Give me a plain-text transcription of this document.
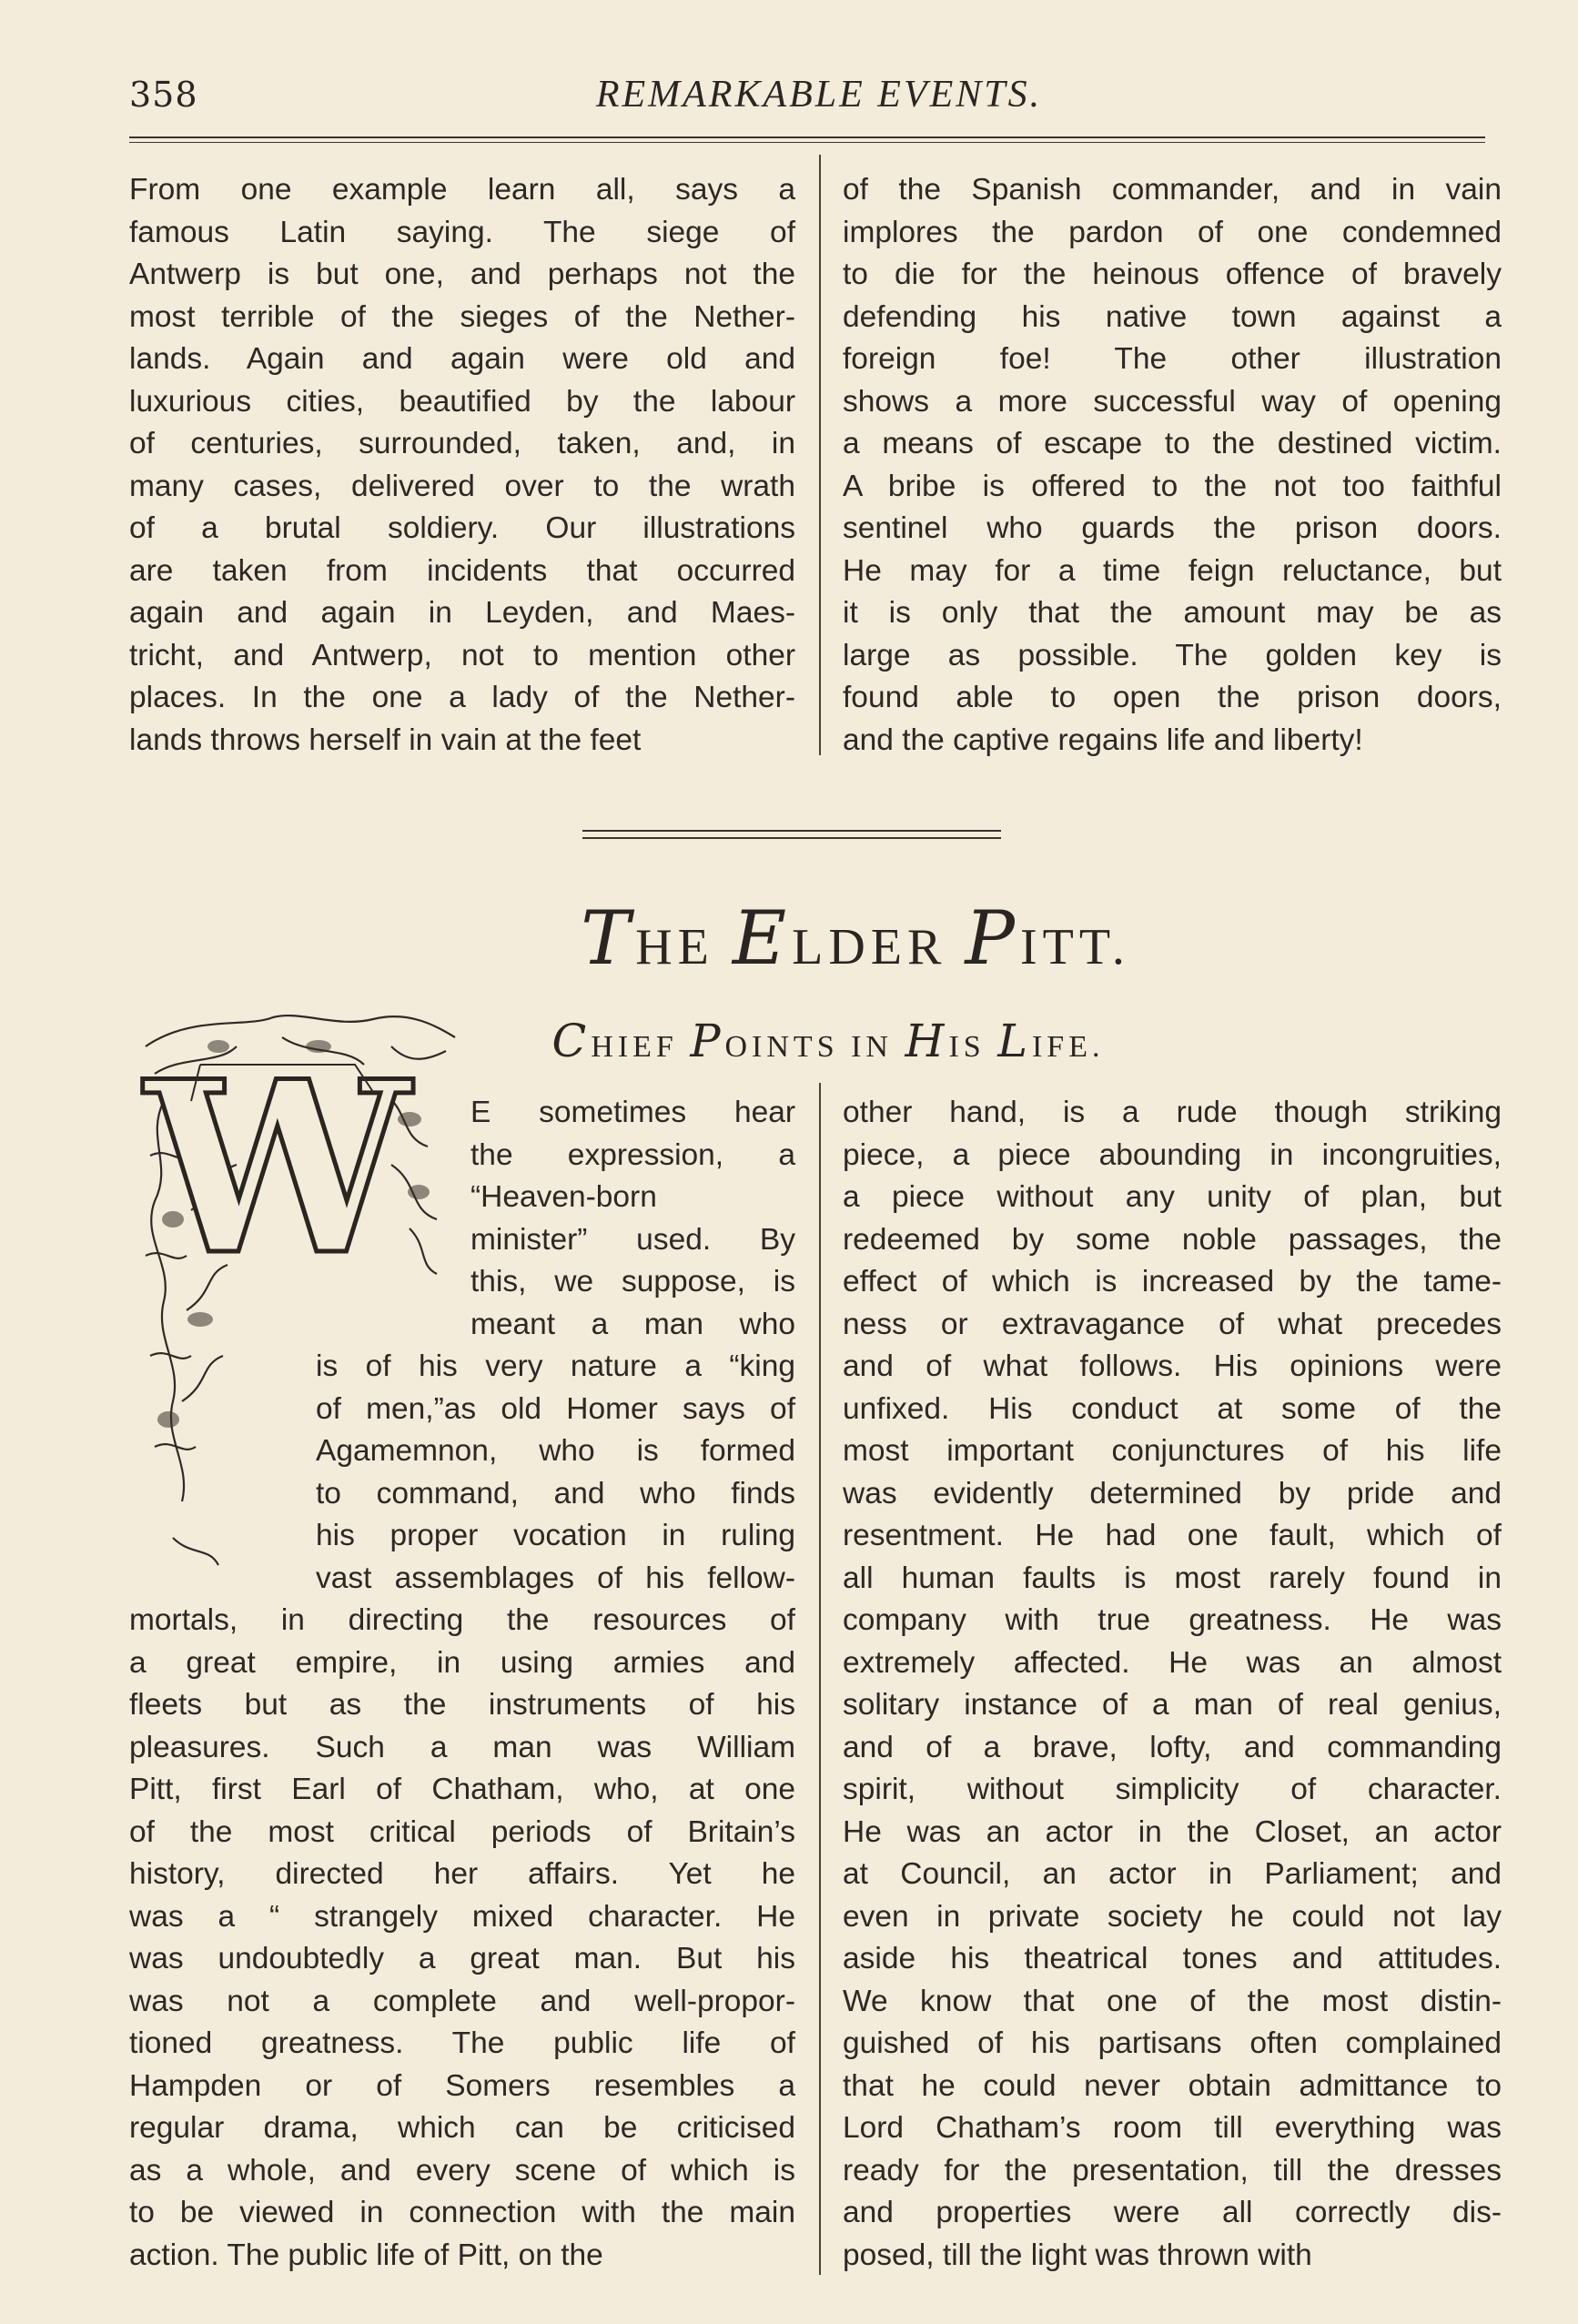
358	REMARKABLE EVENTS.

From one example learn all, says a

famous Latin saying. The siege of

Antwerp is but one, and perhaps not the

most terrible of the sieges of the Nether-

lands. Again and again were old and

luxurious cities, beautified by the labour

of centuries, surrounded, taken, and, in

many cases, delivered over to the wrath

of a brutal soldiery. Our illustrations

are taken from incidents that occurred

again and again in Leyden, and Maes-

tricht, and Antwerp, not to mention other

places. In the one a lady of the Nether-

lands throws herself in vain at the feet

of the Spanish commander, and in vain

implores the pardon of one condemned

to die for the heinous offence of bravely

defending his native town against a

foreign foe! The other illustration

shows a more successful way of opening

a means of escape to the destined victim.

A bribe is offered to the not too faithful

sentinel who guards the prison doors.

He may for a time feign reluctance, but

it is only that the amount may be as

large as possible. The golden key is

found able to open the prison doors,

and the captive regains life and liberty!

THE ELDER PITT.
CHIEF POINTS IN HIS LIFE.
W E sometimes hear

the expression, a

“Heaven-born

minister” used. By

this, we suppose, is

meant a man who

is of his very nature a “king

of men,”as old Homer says of

Agamemnon, who is formed

to command, and who finds

his proper vocation in ruling

vast assemblages of his fellow-

mortals, in directing the resources of

a great empire, in using armies and

fleets but as the instruments of his

pleasures. Such a man was William

Pitt, first Earl of Chatham, who, at one

of the most critical periods of Britain’s

history, directed her affairs. Yet he

was a “ strangely mixed character. He

was undoubtedly a great man. But his

was not a complete and well-propor-

tioned greatness. The public life of

Hampden or of Somers resembles a

regular drama, which can be criticised

as a whole, and every scene of which is

to be viewed in connection with the main

action. The public life of Pitt, on the

other hand, is a rude though striking

piece, a piece abounding in incongruities,

a piece without any unity of plan, but

redeemed by some noble passages, the

effect of which is increased by the tame-

ness or extravagance of what precedes

and of what follows. His opinions were

unfixed. His conduct at some of the

most important conjunctures of his life

was evidently determined by pride and

resentment. He had one fault, which of

all human faults is most rarely found in

company with true greatness. He was

extremely affected. He was an almost

solitary instance of a man of real genius,

and of a brave, lofty, and commanding

spirit, without simplicity of character.

He was an actor in the Closet, an actor

at Council, an actor in Parliament; and

even in private society he could not lay

aside his theatrical tones and attitudes.

We know that one of the most distin-

guished of his partisans often complained

that he could never obtain admittance to

Lord Chatham’s room till everything was

ready for the presentation, till the dresses

and properties were all correctly dis-

posed, till the light was thrown with
